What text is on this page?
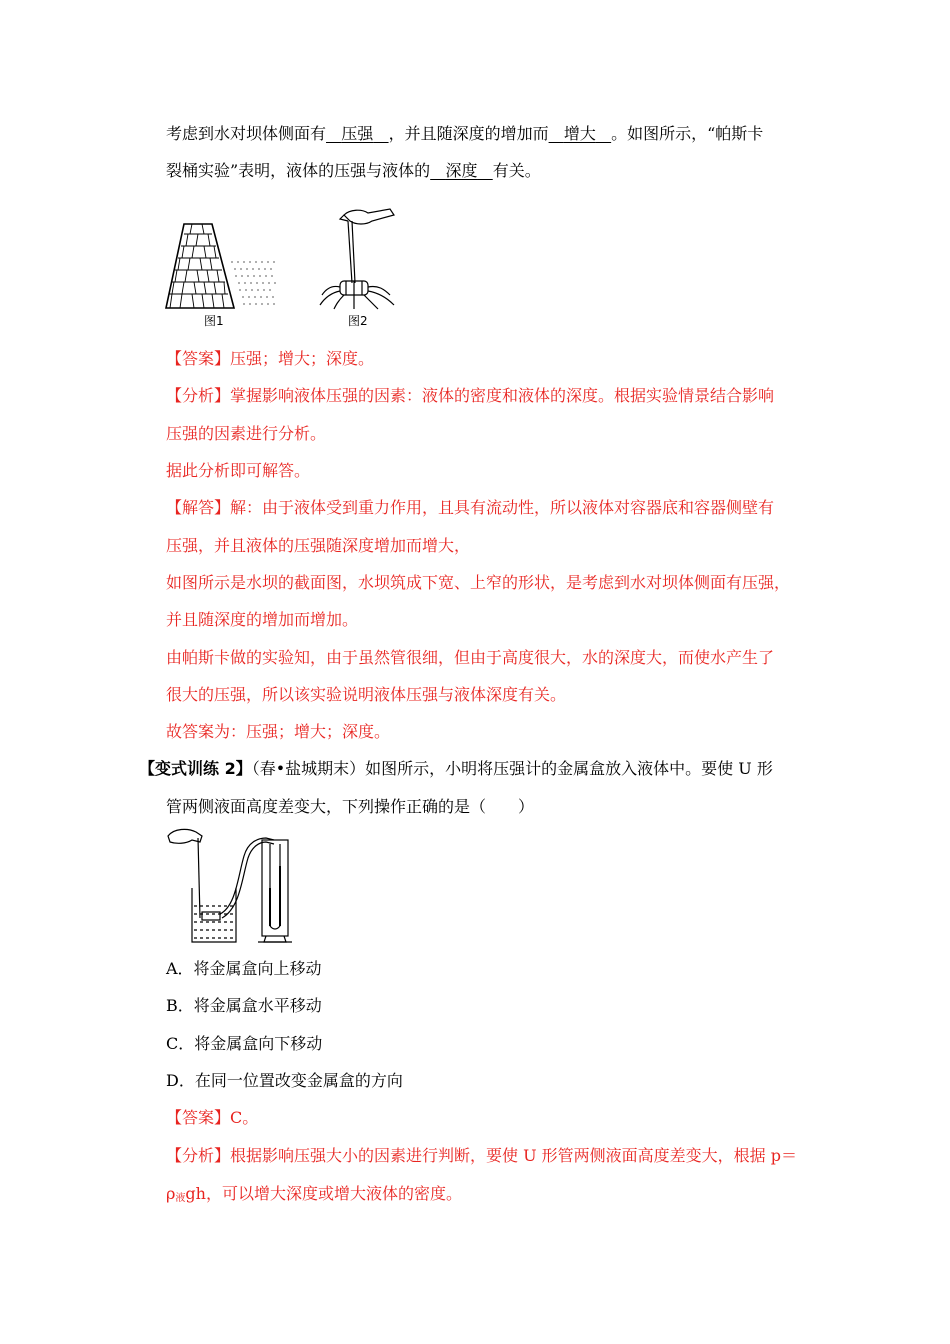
考虑到水对坝体侧面有 压强 ，并且随深度的增加而 增大 。如图所示，“帕斯卡
裂桶实验”表明，液体的压强与液体的 深度 有关。
图1	图2
【答案】压强；增大；深度。
【分析】掌握影响液体压强的因素：液体的密度和液体的深度。根据实验情景结合影响
压强的因素进行分析。
据此分析即可解答。
【解答】解：由于液体受到重力作用，且具有流动性，所以液体对容器底和容器侧壁有
压强，并且液体的压强随深度增加而增大，
如图所示是水坝的截面图，水坝筑成下宽、上窄的形状，是考虑到水对坝体侧面有压强，
并且随深度的增加而增加。
由帕斯卡做的实验知，由于虽然管很细，但由于高度很大，水的深度大，而使水产生了
很大的压强，所以该实验说明液体压强与液体深度有关。
故答案为：压强；增大；深度。
【变式训练 2】（春•盐城期末）如图所示，小明将压强计的金属盒放入液体中。要使 U 形
管两侧液面高度差变大，下列操作正确的是（　　）
A．将金属盒向上移动
B．将金属盒水平移动
C．将金属盒向下移动
D．在同一位置改变金属盒的方向
【答案】C。
【分析】根据影响压强大小的因素进行判断，要使 U 形管两侧液面高度差变大，根据 p＝
$\rho_液gh$，可以增大深度或增大液体的密度。
